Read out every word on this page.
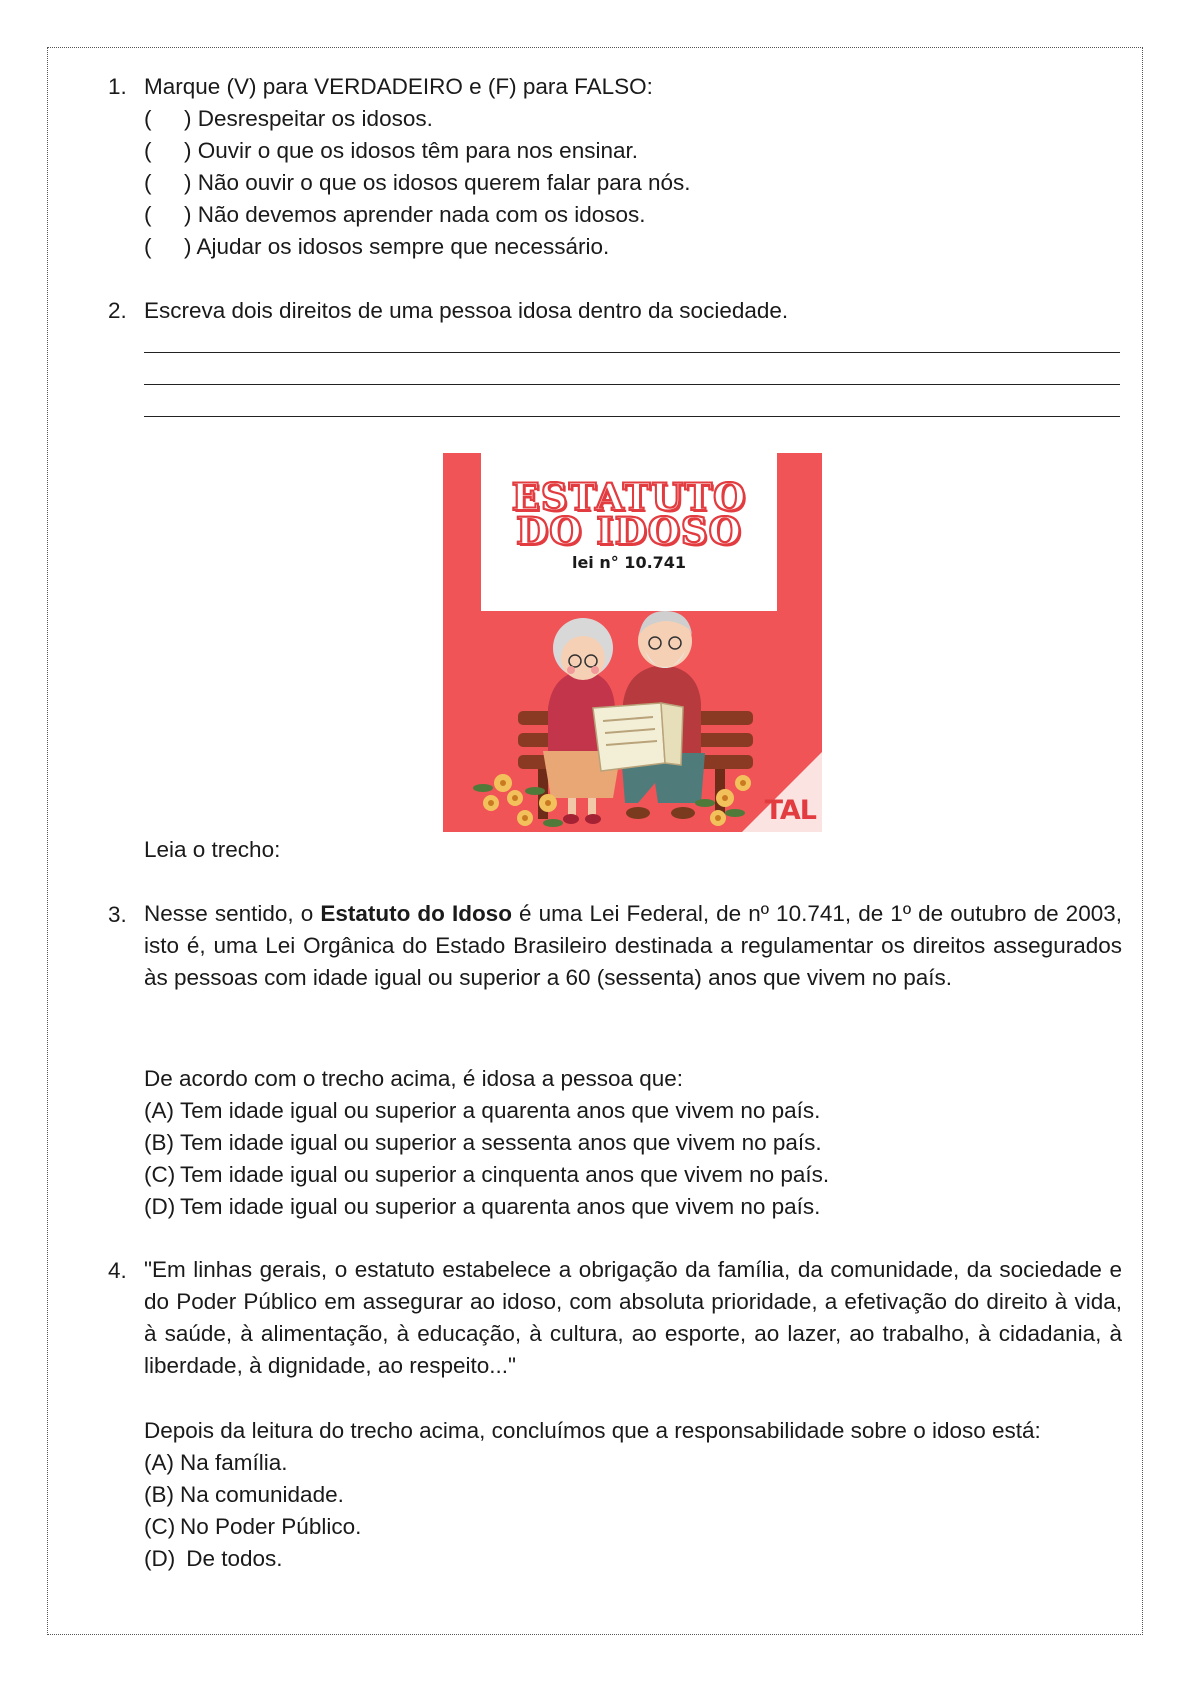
1. Marque (V) para VERDADEIRO e (F) para FALSO:
( ) Desrespeitar os idosos.
( ) Ouvir o que os idosos têm para nos ensinar.
( ) Não ouvir o que os idosos querem falar para nós.
( ) Não devemos aprender nada com os idosos.
( ) Ajudar os idosos sempre que necessário.
2. Escreva dois direitos de uma pessoa idosa dentro da sociedade.
ESTATUTO
DO IDOSO
lei n° 10.741
TAL
Leia o trecho:
3. Nesse sentido, o Estatuto do Idoso é uma Lei Federal, de nº 10.741, de 1º de outubro de 2003, isto é, uma Lei Orgânica do Estado Brasileiro destinada a regulamentar os direitos assegurados às pessoas com idade igual ou superior a 60 (sessenta) anos que vivem no país.
De acordo com o trecho acima, é idosa a pessoa que:
(A) Tem idade igual ou superior a quarenta anos que vivem no país.
(B) Tem idade igual ou superior a sessenta anos que vivem no país.
(C) Tem idade igual ou superior a cinquenta anos que vivem no país.
(D) Tem idade igual ou superior a quarenta anos que vivem no país.
4. "Em linhas gerais, o estatuto estabelece a obrigação da família, da comunidade, da sociedade e do Poder Público em assegurar ao idoso, com absoluta prioridade, a efetivação do direito à vida, à saúde, à alimentação, à educação, à cultura, ao esporte, ao lazer, ao trabalho, à cidadania, à liberdade, à dignidade, ao respeito..."
Depois da leitura do trecho acima, concluímos que a responsabilidade sobre o idoso está:
(A) Na família.
(B) Na comunidade.
(C) No Poder Público.
(D) De todos.
